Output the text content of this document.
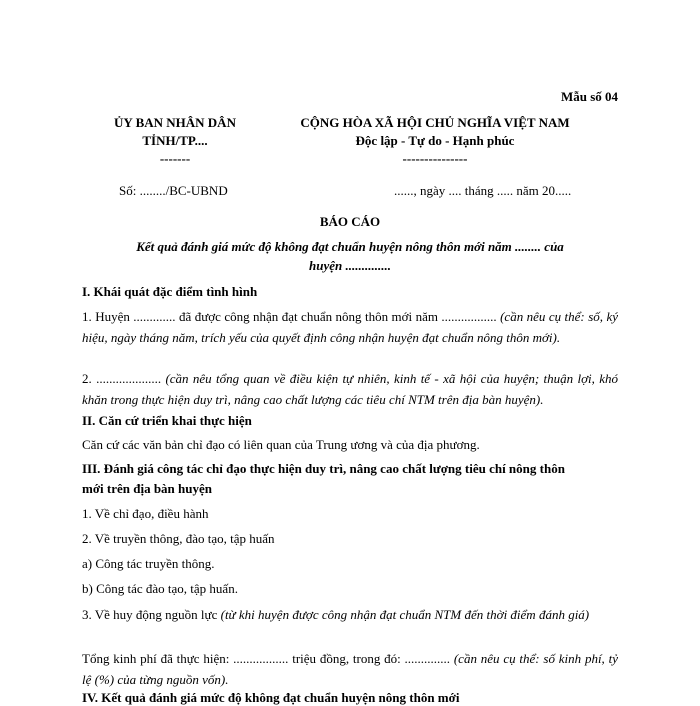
Mẫu số 04
ỦY BAN NHÂN DÂN
TỈNH/TP....
-------
CỘNG HÒA XÃ HỘI CHỦ NGHĨA VIỆT NAM
Độc lập - Tự do - Hạnh phúc
---------------
Số: ......../BC-UBND	......, ngày .... tháng ..... năm 20.....
BÁO CÁO
Kết quả đánh giá mức độ không đạt chuẩn huyện nông thôn mới năm ........ của
huyện ..............
I. Khái quát đặc điểm tình hình
1. Huyện ............. đã được công nhận đạt chuẩn nông thôn mới năm ................. (cần nêu cụ thể: số, ký hiệu, ngày tháng năm, trích yếu của quyết định công nhận huyện đạt chuẩn nông thôn mới).
2. .................... (cần nêu tổng quan về điều kiện tự nhiên, kinh tế - xã hội của huyện; thuận lợi, khó khăn trong thực hiện duy trì, nâng cao chất lượng các tiêu chí NTM trên địa bàn huyện).
II. Căn cứ triển khai thực hiện
Căn cứ các văn bản chỉ đạo có liên quan của Trung ương và của địa phương.
III. Đánh giá công tác chỉ đạo thực hiện duy trì, nâng cao chất lượng tiêu chí nông thôn
mới trên địa bàn huyện
1. Về chỉ đạo, điều hành
2. Về truyền thông, đào tạo, tập huấn
a) Công tác truyền thông.
b) Công tác đào tạo, tập huấn.
3. Về huy động nguồn lực (từ khi huyện được công nhận đạt chuẩn NTM đến thời điểm đánh giá)
Tổng kinh phí đã thực hiện: ................. triệu đồng, trong đó: .............. (cần nêu cụ thể: số kinh phí, tỷ lệ (%) của từng nguồn vốn).
IV. Kết quả đánh giá mức độ không đạt chuẩn huyện nông thôn mới
